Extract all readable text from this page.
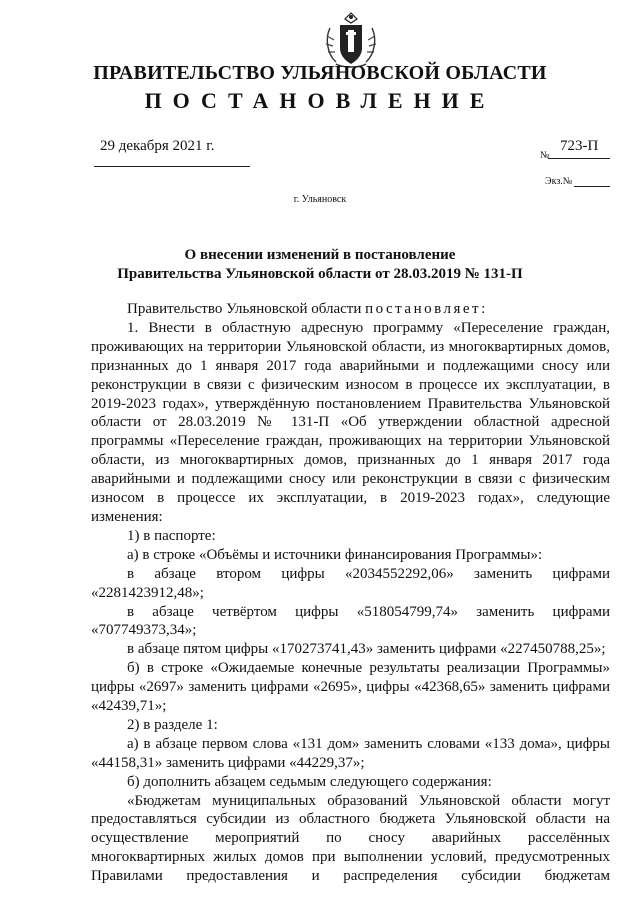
ПРАВИТЕЛЬСТВО УЛЬЯНОВСКОЙ ОБЛАСТИ
ПОСТАНОВЛЕНИЕ
29 декабря 2021 г.
№
723-П
Экз.№
г. Ульяновск
О внесении изменений в постановление
Правительства Ульяновской области от 28.03.2019 № 131-П

Правительство Ульяновской области постановляет:

1. Внести в областную адресную программу «Переселение граждан, проживающих на территории Ульяновской области, из многоквартирных домов, признанных до 1 января 2017 года аварийными и подлежащими сносу или реконструкции в связи с физическим износом в процессе их эксплуатации, в 2019-2023 годах», утверждённую постановлением Правительства Ульяновской области от 28.03.2019 № 131-П «Об утверждении областной адресной программы «Переселение граждан, проживающих на территории Ульяновской области, из многоквартирных домов, признанных до 1 января 2017 года аварийными и подлежащими сносу или реконструкции в связи с физическим износом в процессе их эксплуатации, в 2019-2023 годах», следующие изменения:

1) в паспорте:

а) в строке «Объёмы и источники финансирования Программы»:

в абзаце втором цифры «2034552292,06» заменить цифрами «2281423912,48»;

в абзаце четвёртом цифры «518054799,74» заменить цифрами «707749373,34»;

в абзаце пятом цифры «170273741,43» заменить цифрами «227450788,25»;

б) в строке «Ожидаемые конечные результаты реализации Программы» цифры «2697» заменить цифрами «2695», цифры «42368,65» заменить цифрами «42439,71»;

2) в разделе 1:

а) в абзаце первом слова «131 дом» заменить словами «133 дома», цифры «44158,31» заменить цифрами «44229,37»;

б) дополнить абзацем седьмым следующего содержания:

«Бюджетам муниципальных образований Ульяновской области могут предоставляться субсидии из областного бюджета Ульяновской области на осуществление мероприятий по сносу аварийных расселённых многоквартирных жилых домов при выполнении условий, предусмотренных Правилами предоставления и распределения субсидии бюджетам
